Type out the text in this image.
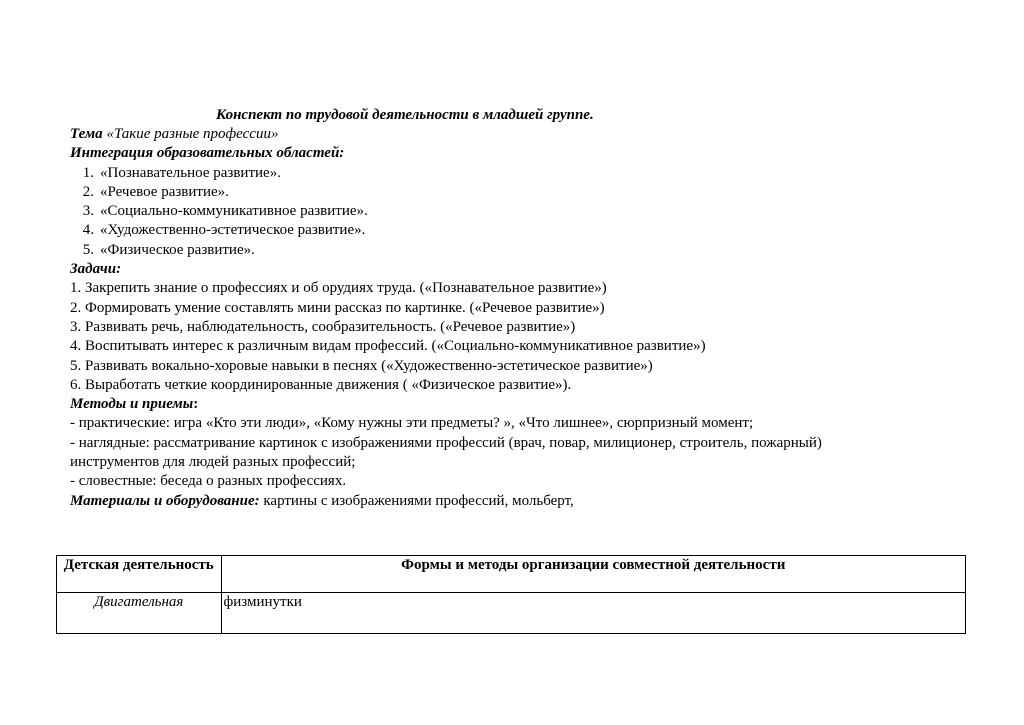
Конспект по трудовой деятельности в младшей группе.
Тема «Такие разные профессии»
Интеграция образовательных областей:
1. «Познавательное развитие».
2. «Речевое развитие».
3. «Социально-коммуникативное развитие».
4. «Художественно-эстетическое развитие».
5. «Физическое развитие».
Задачи:
1. Закрепить знание о профессиях и об орудиях труда. («Познавательное развитие»)
2. Формировать умение составлять мини рассказ по картинке. («Речевое развитие»)
3. Развивать речь, наблюдательность, сообразительность. («Речевое развитие»)
4. Воспитывать интерес к различным видам профессий. («Социально-коммуникативное развитие»)
5. Развивать вокально-хоровые навыки в песнях («Художественно-эстетическое развитие»)
6. Выработать четкие координированные движения ( «Физическое развитие»).
Методы и приемы:
- практические: игра «Кто эти люди», «Кому нужны эти предметы? », «Что лишнее», сюрпризный момент;
- наглядные: рассматривание картинок с изображениями профессий (врач, повар, милиционер, строитель, пожарный)
инструментов для людей разных профессий;
- словестные: беседа о разных профессиях.
Материалы и оборудование: картины с изображениями профессий, мольберт,
Детская деятельность	Формы и методы организации совместной деятельности
Двигательная	физминутки
